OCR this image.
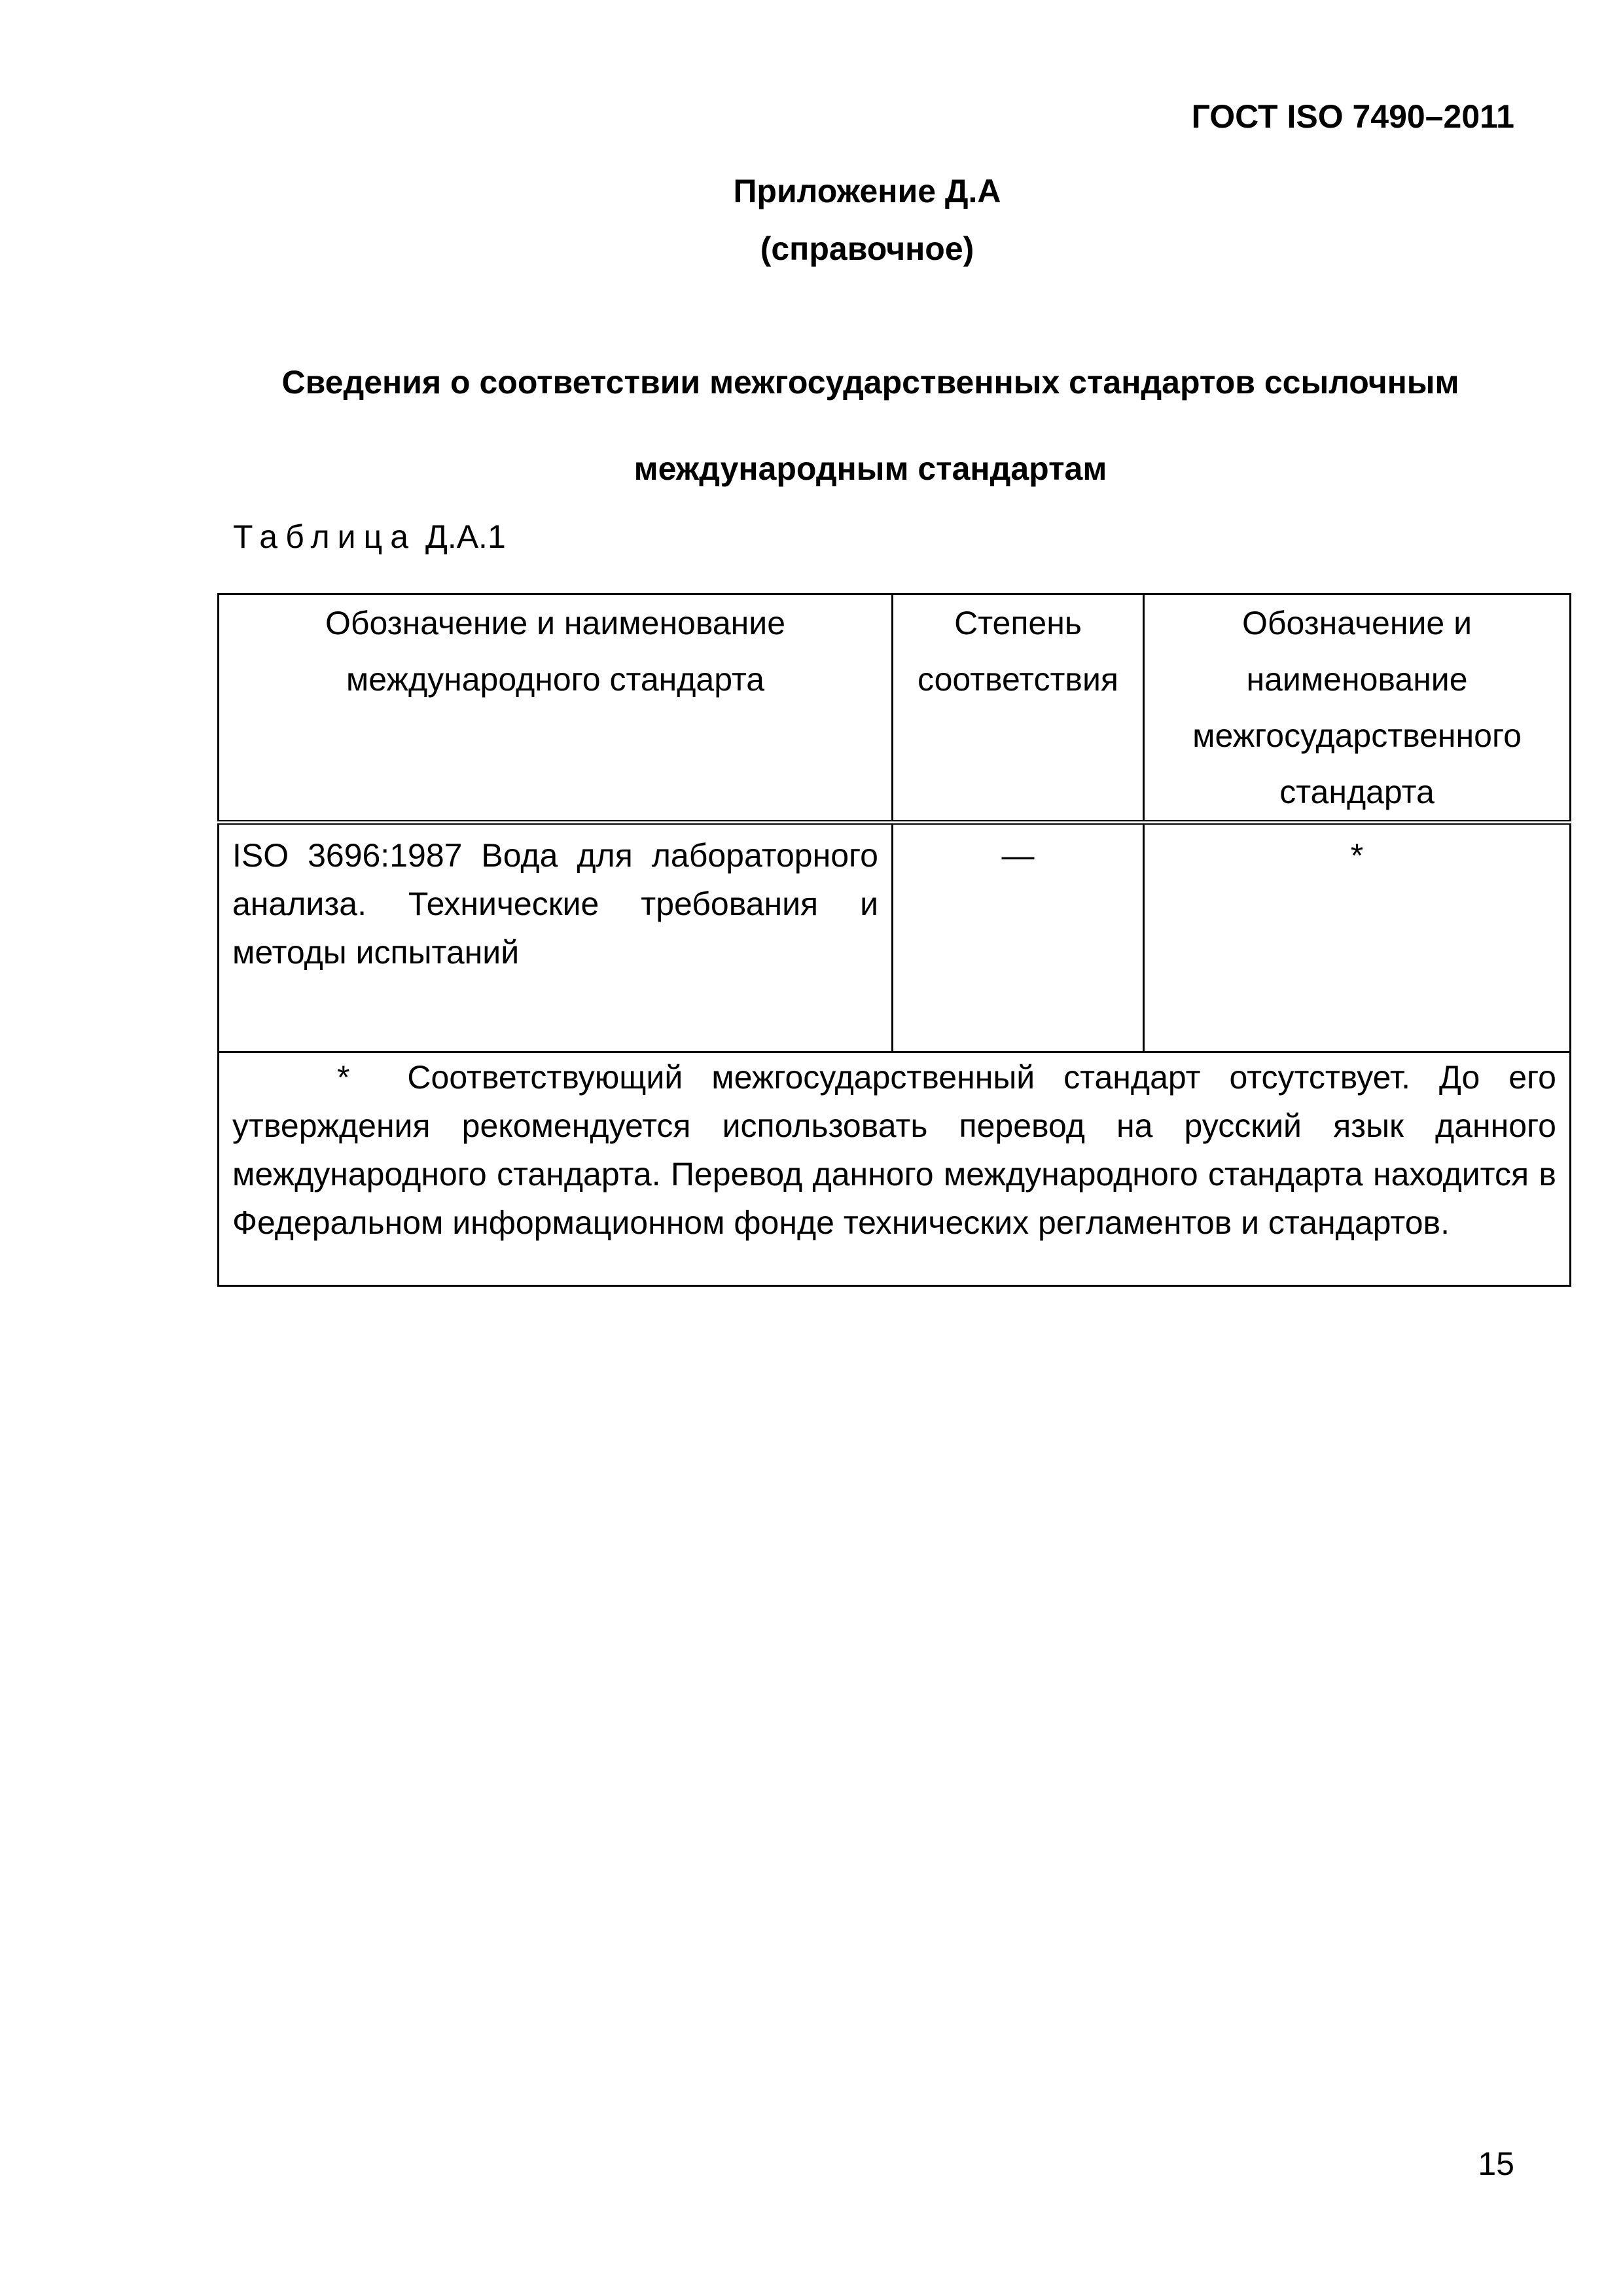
ГОСТ ISO 7490–2011
Приложение Д.А
(справочное)
Сведения о соответствии межгосударственных стандартов ссылочным международным стандартам
Таблица Д.А.1
Обозначение и наименование международного стандарта	Степень соответствия	Обозначение и наименование межгосударственного стандарта
ISO 3696:1987 Вода для лабораторного анализа. Технические требования и методы испытаний	—	*
* Соответствующий межгосударственный стандарт отсутствует. До его утверждения рекомендуется использовать перевод на русский язык данного международного стандарта. Перевод данного международного стандарта находится в Федеральном информационном фонде технических регламентов и стандартов.		
15
